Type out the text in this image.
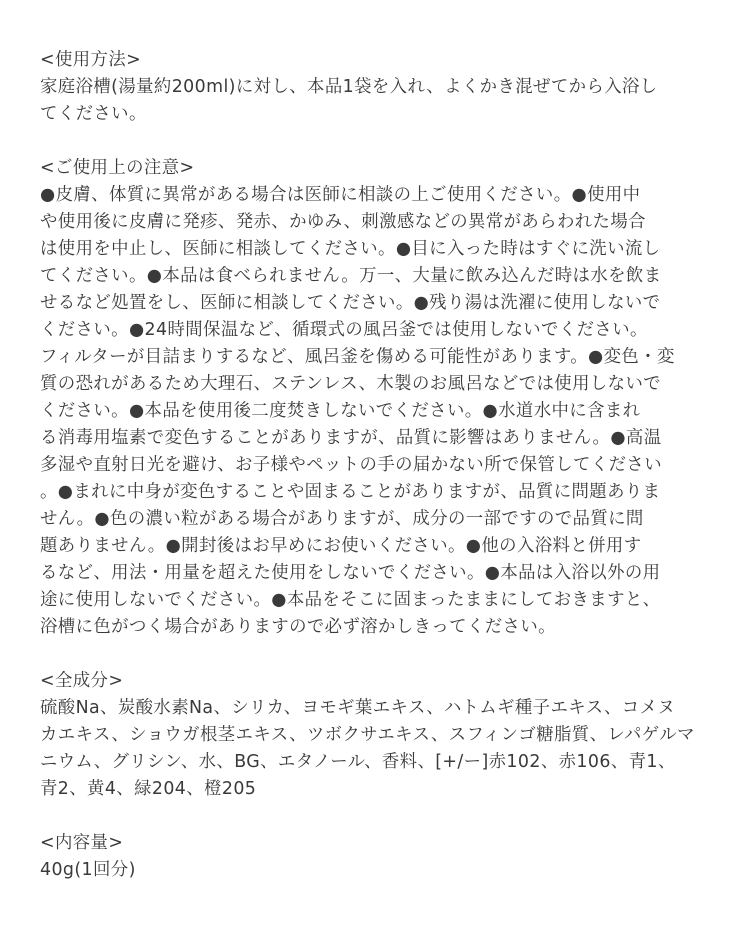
<使用方法>
家庭浴槽(湯量約200ml)に対し、本品1袋を入れ、よくかき混ぜてから入浴し
てください。
<ご使用上の注意>
●皮膚、体質に異常がある場合は医師に相談の上ご使用ください。●使用中
や使用後に皮膚に発疹、発赤、かゆみ、刺激感などの異常があらわれた場合
は使用を中止し、医師に相談してください。●目に入った時はすぐに洗い流し
てください。●本品は食べられません。万一、大量に飲み込んだ時は水を飲ま
せるなど処置をし、医師に相談してください。●残り湯は洗濯に使用しないで
ください。●24時間保温など、循環式の風呂釜では使用しないでください。
フィルターが目詰まりするなど、風呂釜を傷める可能性があります。●変色・変
質の恐れがあるため大理石、ステンレス、木製のお風呂などでは使用しないで
ください。●本品を使用後二度焚きしないでください。●水道水中に含まれ
る消毒用塩素で変色することがありますが、品質に影響はありません。●高温
多湿や直射日光を避け、お子様やペットの手の届かない所で保管してください
。●まれに中身が変色することや固まることがありますが、品質に問題ありま
せん。●色の濃い粒がある場合がありますが、成分の一部ですので品質に問
題ありません。●開封後はお早めにお使いください。●他の入浴料と併用す
るなど、用法・用量を超えた使用をしないでください。●本品は入浴以外の用
途に使用しないでください。●本品をそこに固まったままにしておきますと、
浴槽に色がつく場合がありますので必ず溶かしきってください。
<全成分>
硫酸Na、炭酸水素Na、シリカ、ヨモギ葉エキス、ハトムギ種子エキス、コメヌ
カエキス、ショウガ根茎エキス、ツボクサエキス、スフィンゴ糖脂質、レパゲルマ
ニウム、グリシン、水、BG、エタノール、香料、[+/ー]赤102、赤106、青1、
青2、黄4、緑204、橙205
<内容量>
40g(1回分)
